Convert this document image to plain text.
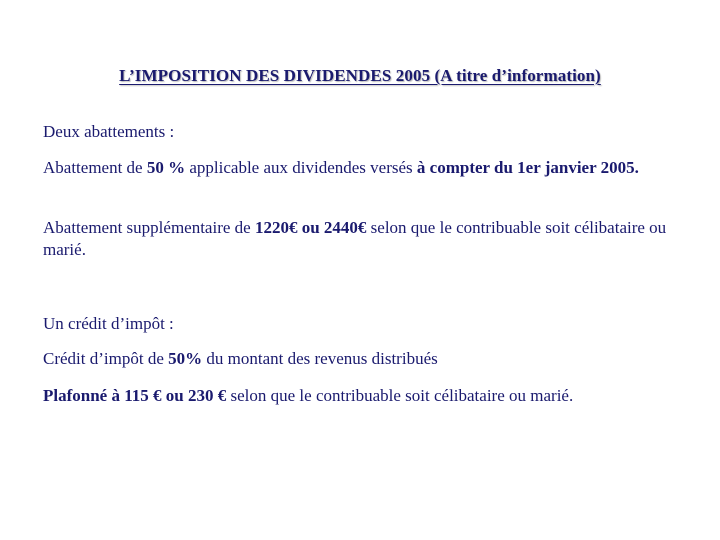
L’IMPOSITION DES DIVIDENDES 2005 (A titre d’information)
Deux abattements :
Abattement de 50 % applicable aux dividendes versés à compter du 1er janvier 2005.
Abattement supplémentaire de 1220€ ou 2440€ selon que le contribuable soit célibataire ou marié.
Un crédit d’impôt :
Crédit d’impôt de 50% du montant des revenus distribués
Plafonné à 115 € ou 230 € selon que le contribuable soit célibataire ou marié.
